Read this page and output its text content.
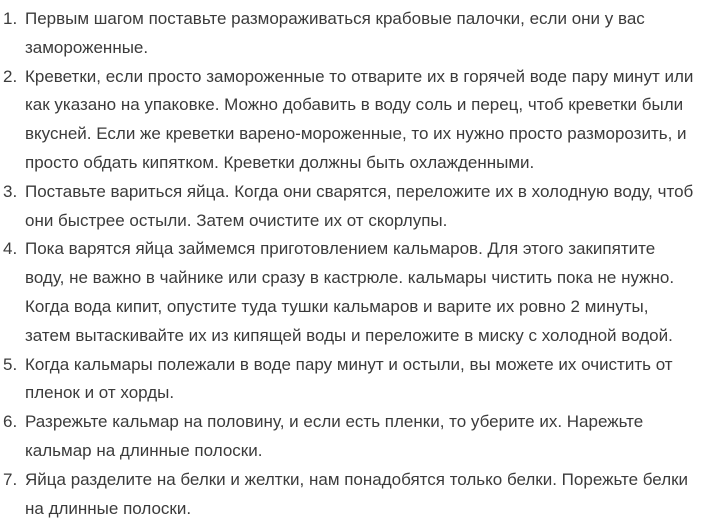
1. Первым шагом поставьте размораживаться крабовые палочки, если они у вас замороженные.
2. Креветки, если просто замороженные то отварите их в горячей воде пару минут или как указано на упаковке. Можно добавить в воду соль и перец, чтоб креветки были вкусней. Если же креветки варено-мороженные, то их нужно просто разморозить, и просто обдать кипятком. Креветки должны быть охлажденными.
3. Поставьте вариться яйца. Когда они сварятся, переложите их в холодную воду, чтоб они быстрее остыли. Затем очистите их от скорлупы.
4. Пока варятся яйца займемся приготовлением кальмаров. Для этого закипятите воду, не важно в чайнике или сразу в кастрюле. кальмары чистить пока не нужно. Когда вода кипит, опустите туда тушки кальмаров и варите их ровно 2 минуты, затем вытаскивайте их из кипящей воды и переложите в миску с холодной водой.
5. Когда кальмары полежали в воде пару минут и остыли, вы можете их очистить от пленок и от хорды.
6. Разрежьте кальмар на половину, и если есть пленки, то уберите их. Нарежьте кальмар на длинные полоски.
7. Яйца разделите на белки и желтки, нам понадобятся только белки. Порежьте белки на длинные полоски.
